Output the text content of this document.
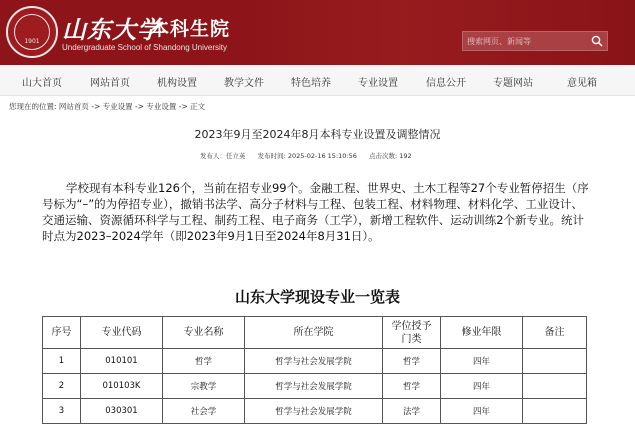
1901 山东大学
本科生院
Undergraduate School of Shandong University
搜索网页、新闻等
山大首页	网站首页	机构设置	教学文件	特色培养	专业设置	信息公开	专题网站	意见箱
您现在的位置: 网站首页 -> 专业设置 -> 专业设置 -> 正文
2023年9月至2024年8月本科专业设置及调整情况
发布人：任立英 发布时间: 2025-02-16 15:10:56 点击次数: 192

学校现有本科专业126个，当前在招专业99个。金融工程、世界史、土木工程等27个专业暂停招生（序号标为“–”的为停招专业），撤销书法学、高分子材料与工程、包装工程、材料物理、材料化学、工业设计、交通运输、资源循环科学与工程、制药工程、电子商务（工学），新增工程软件、运动训练2个新专业。统计时点为2023–2024学年（即2023年9月1日至2024年8月31日）。

山东大学现设专业一览表
序号	专业代码	专业名称	所在学院	学位授予门类	修业年限	备注
1	010101	哲学	哲学与社会发展学院	哲学	四年	
2	010103K	宗教学	哲学与社会发展学院	哲学	四年	
3	030301	社会学	哲学与社会发展学院	法学	四年	
